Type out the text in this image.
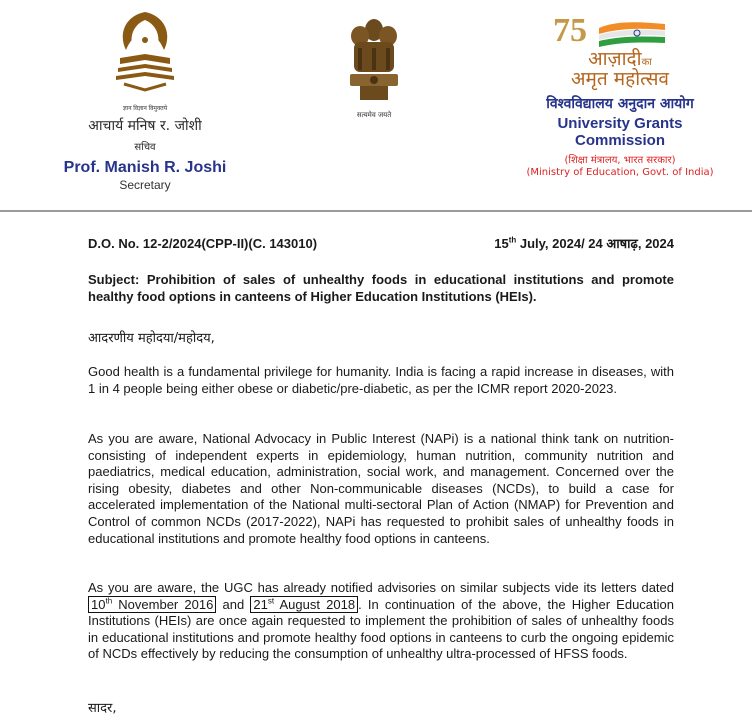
ज्ञान विज्ञान विमुक्तये
आचार्य मनिष र. जोशी
सचिव
Prof. Manish R. Joshi
Secretary
सत्यमेव जयते
75
आज़ादीका
अमृत महोत्सव
विश्वविद्यालय अनुदान आयोग
University Grants Commission
(शिक्षा मंत्रालय, भारत सरकार)
(Ministry of Education, Govt. of India)
D.O. No. 12-2/2024(CPP-II)(C. 143010)	15th July, 2024/ 24 आषाढ़, 2024
Subject: Prohibition of sales of unhealthy foods in educational institutions and promote healthy food options in canteens of Higher Education Institutions (HEIs).
आदरणीय महोदया/महोदय,
Good health is a fundamental privilege for humanity. India is facing a rapid increase in diseases, with 1 in 4 people being either obese or diabetic/pre-diabetic, as per the ICMR report 2020-2023.
As you are aware, National Advocacy in Public Interest (NAPi) is a national think tank on nutrition-consisting of independent experts in epidemiology, human nutrition, community nutrition and paediatrics, medical education, administration, social work, and management. Concerned over the rising obesity, diabetes and other Non-communicable diseases (NCDs), to build a case for accelerated implementation of the National multi-sectoral Plan of Action (NMAP) for Prevention and Control of common NCDs (2017-2022), NAPi has requested to prohibit sales of unhealthy foods in educational institutions and promote healthy food options in canteens.
As you are aware, the UGC has already notified advisories on similar subjects vide its letters dated 10th November 2016 and 21st August 2018 . In continuation of the above, the Higher Education Institutions (HEIs) are once again requested to implement the prohibition of sales of unhealthy foods in educational institutions and promote healthy food options in canteens to curb the ongoing epidemic of NCDs effectively by reducing the consumption of unhealthy ultra-processed of HFSS foods.
सादर,
